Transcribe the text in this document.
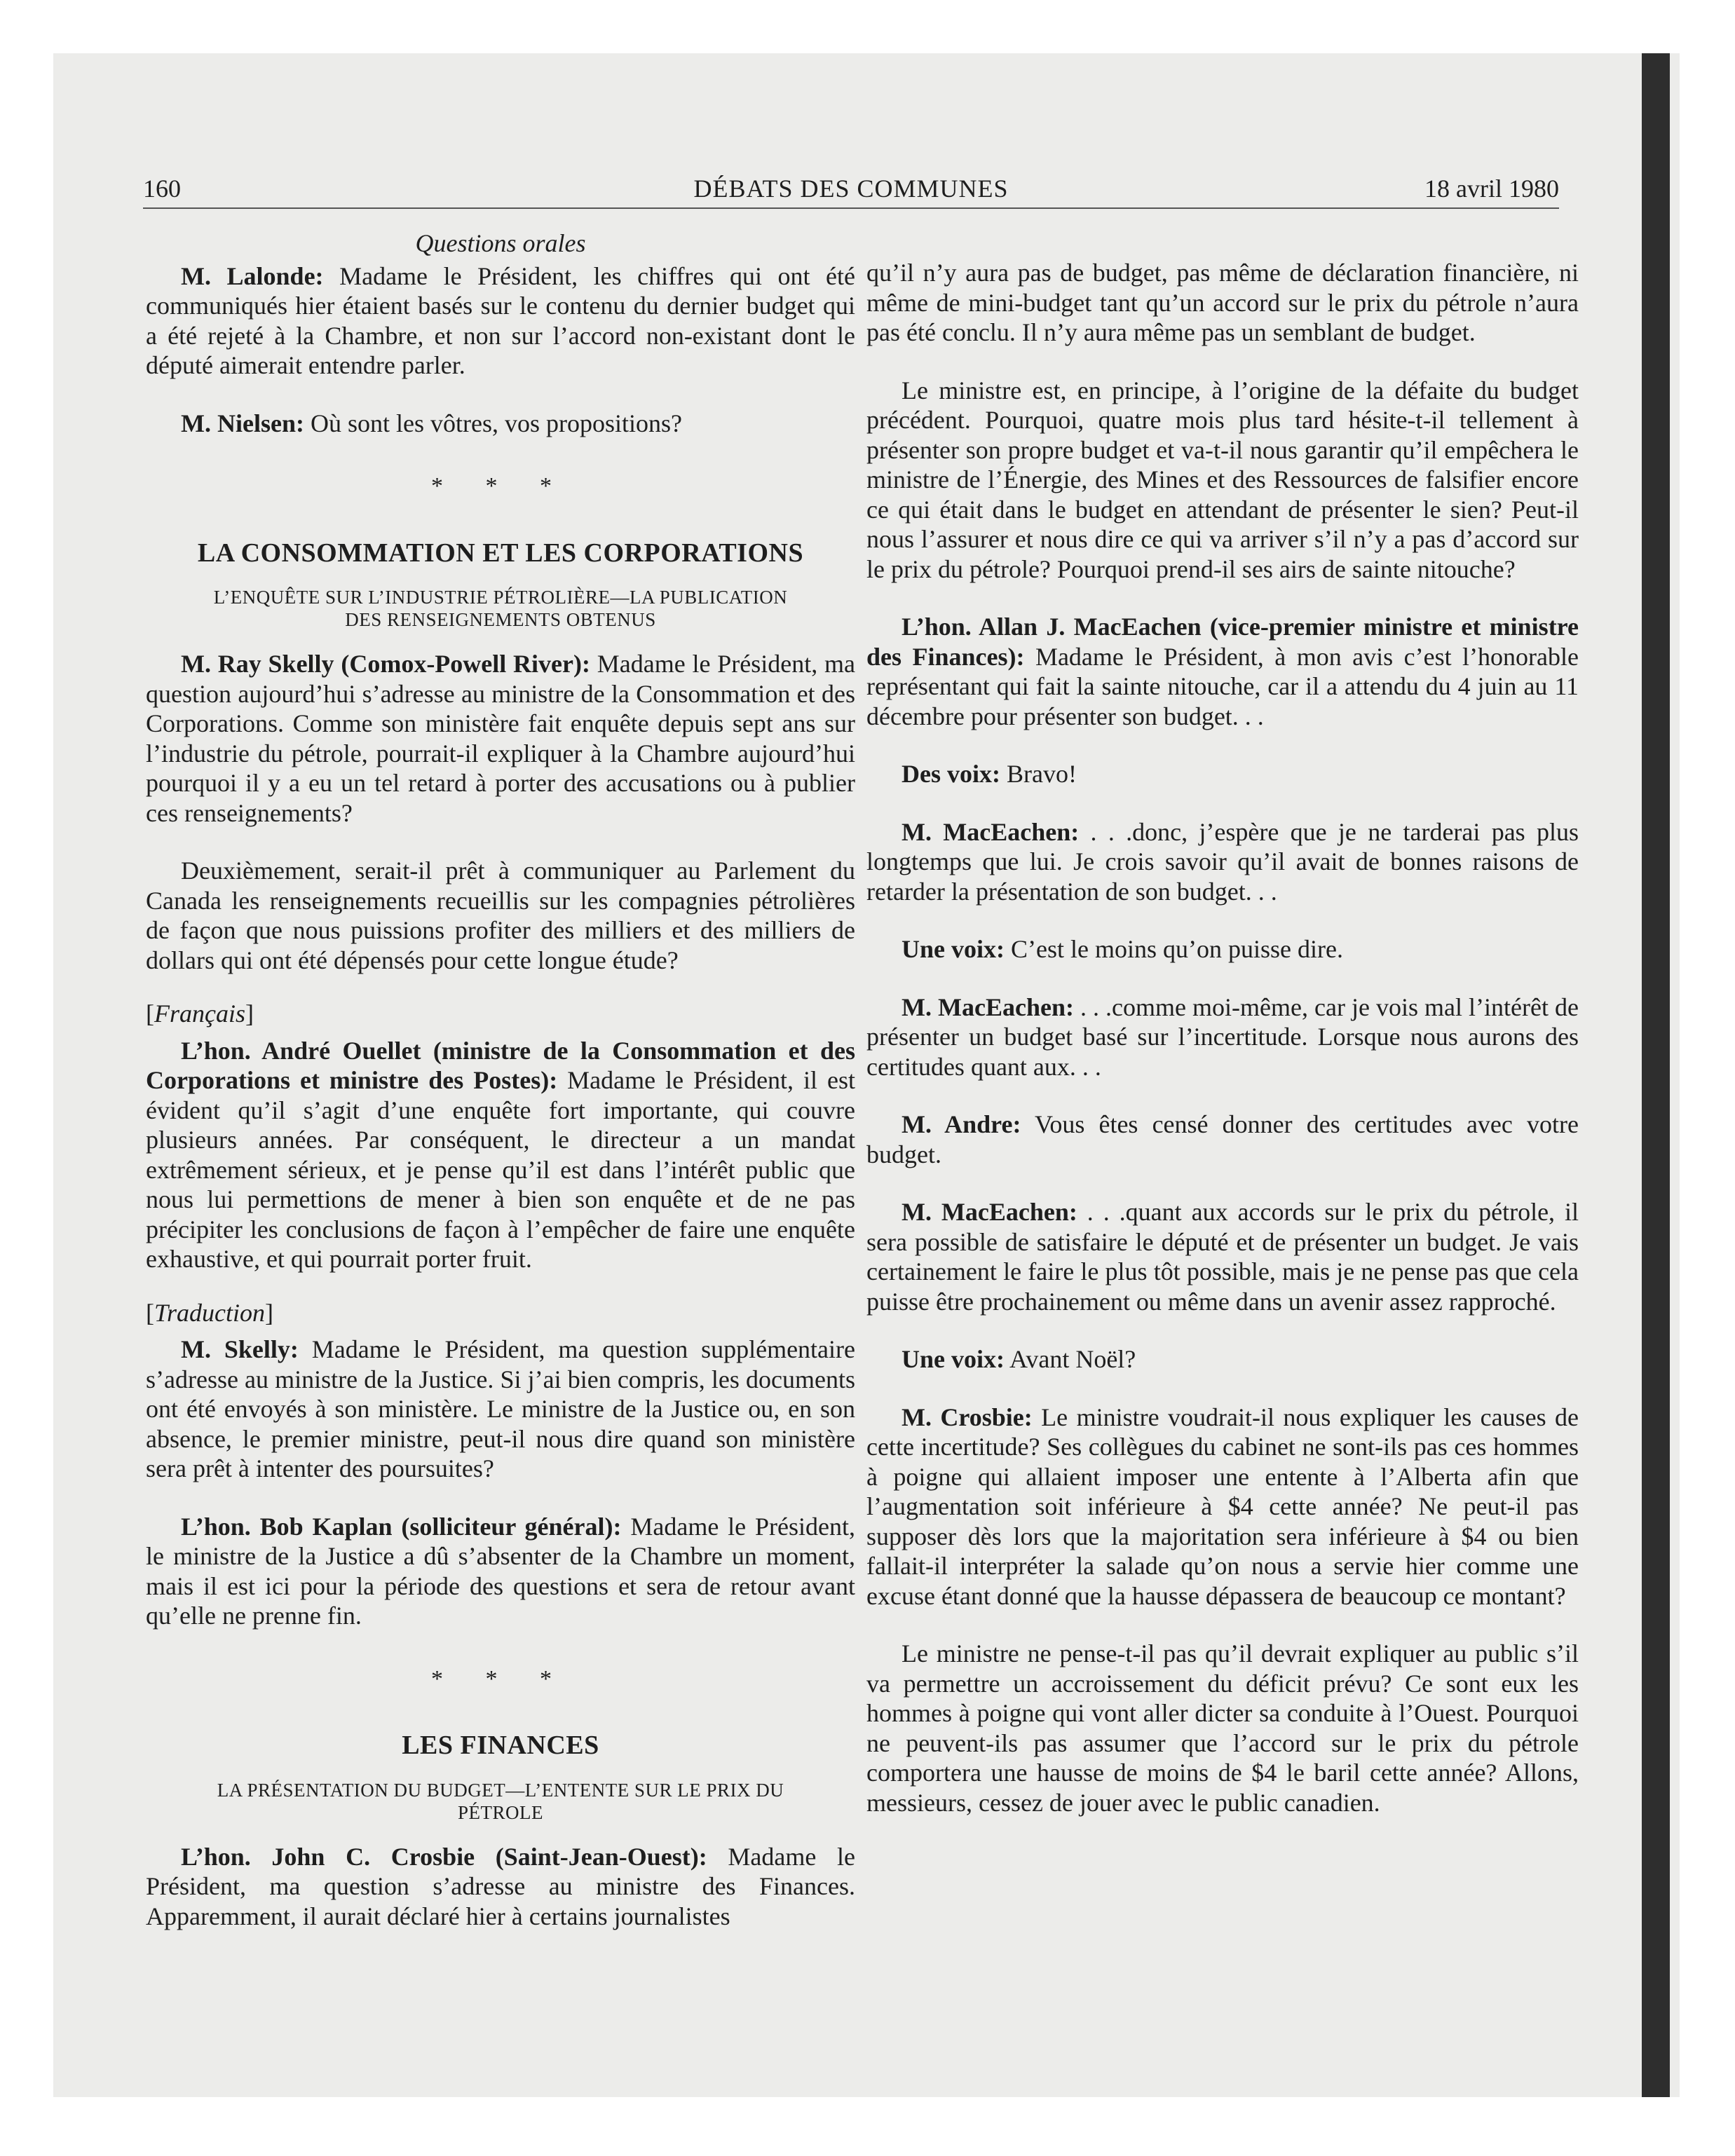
160	DÉBATS DES COMMUNES	18 avril 1980
Questions orales

M. Lalonde: Madame le Président, les chiffres qui ont été communiqués hier étaient basés sur le contenu du dernier budget qui a été rejeté à la Chambre, et non sur l’accord non-existant dont le député aimerait entendre parler.

M. Nielsen: Où sont les vôtres, vos propositions?

* * *
LA CONSOMMATION ET LES CORPORATIONS
L’ENQUÊTE SUR L’INDUSTRIE PÉTROLIÈRE—LA PUBLICATION DES RENSEIGNEMENTS OBTENUS

M. Ray Skelly (Comox-Powell River): Madame le Président, ma question aujourd’hui s’adresse au ministre de la Consommation et des Corporations. Comme son ministère fait enquête depuis sept ans sur l’industrie du pétrole, pourrait-il expliquer à la Chambre aujourd’hui pourquoi il y a eu un tel retard à porter des accusations ou à publier ces renseignements?

Deuxièmement, serait-il prêt à communiquer au Parlement du Canada les renseignements recueillis sur les compagnies pétrolières de façon que nous puissions profiter des milliers et des milliers de dollars qui ont été dépensés pour cette longue étude?

[Français]

L’hon. André Ouellet (ministre de la Consommation et des Corporations et ministre des Postes): Madame le Président, il est évident qu’il s’agit d’une enquête fort importante, qui couvre plusieurs années. Par conséquent, le directeur a un mandat extrêmement sérieux, et je pense qu’il est dans l’intérêt public que nous lui permettions de mener à bien son enquête et de ne pas précipiter les conclusions de façon à l’empêcher de faire une enquête exhaustive, et qui pourrait porter fruit.

[Traduction]

M. Skelly: Madame le Président, ma question supplémentaire s’adresse au ministre de la Justice. Si j’ai bien compris, les documents ont été envoyés à son ministère. Le ministre de la Justice ou, en son absence, le premier ministre, peut-il nous dire quand son ministère sera prêt à intenter des poursuites?

L’hon. Bob Kaplan (solliciteur général): Madame le Président, le ministre de la Justice a dû s’absenter de la Chambre un moment, mais il est ici pour la période des questions et sera de retour avant qu’elle ne prenne fin.

* * *
LES FINANCES
LA PRÉSENTATION DU BUDGET—L’ENTENTE SUR LE PRIX DU PÉTROLE

L’hon. John C. Crosbie (Saint-Jean-Ouest): Madame le Président, ma question s’adresse au ministre des Finances. Apparemment, il aurait déclaré hier à certains journalistes

qu’il n’y aura pas de budget, pas même de déclaration financière, ni même de mini-budget tant qu’un accord sur le prix du pétrole n’aura pas été conclu. Il n’y aura même pas un semblant de budget.

Le ministre est, en principe, à l’origine de la défaite du budget précédent. Pourquoi, quatre mois plus tard hésite-t-il tellement à présenter son propre budget et va-t-il nous garantir qu’il empêchera le ministre de l’Énergie, des Mines et des Ressources de falsifier encore ce qui était dans le budget en attendant de présenter le sien? Peut-il nous l’assurer et nous dire ce qui va arriver s’il n’y a pas d’accord sur le prix du pétrole? Pourquoi prend-il ses airs de sainte nitouche?

L’hon. Allan J. MacEachen (vice-premier ministre et ministre des Finances): Madame le Président, à mon avis c’est l’honorable représentant qui fait la sainte nitouche, car il a attendu du 4 juin au 11 décembre pour présenter son budget. . .

Des voix: Bravo!

M. MacEachen: . . .donc, j’espère que je ne tarderai pas plus longtemps que lui. Je crois savoir qu’il avait de bonnes raisons de retarder la présentation de son budget. . .

Une voix: C’est le moins qu’on puisse dire.

M. MacEachen: . . .comme moi-même, car je vois mal l’intérêt de présenter un budget basé sur l’incertitude. Lorsque nous aurons des certitudes quant aux. . .

M. Andre: Vous êtes censé donner des certitudes avec votre budget.

M. MacEachen: . . .quant aux accords sur le prix du pétrole, il sera possible de satisfaire le député et de présenter un budget. Je vais certainement le faire le plus tôt possible, mais je ne pense pas que cela puisse être prochainement ou même dans un avenir assez rapproché.

Une voix: Avant Noël?

M. Crosbie: Le ministre voudrait-il nous expliquer les causes de cette incertitude? Ses collègues du cabinet ne sont-ils pas ces hommes à poigne qui allaient imposer une entente à l’Alberta afin que l’augmentation soit inférieure à $4 cette année? Ne peut-il pas supposer dès lors que la majoritation sera inférieure à $4 ou bien fallait-il interpréter la salade qu’on nous a servie hier comme une excuse étant donné que la hausse dépassera de beaucoup ce montant?

Le ministre ne pense-t-il pas qu’il devrait expliquer au public s’il va permettre un accroissement du déficit prévu? Ce sont eux les hommes à poigne qui vont aller dicter sa conduite à l’Ouest. Pourquoi ne peuvent-ils pas assumer que l’accord sur le prix du pétrole comportera une hausse de moins de $4 le baril cette année? Allons, messieurs, cessez de jouer avec le public canadien.
